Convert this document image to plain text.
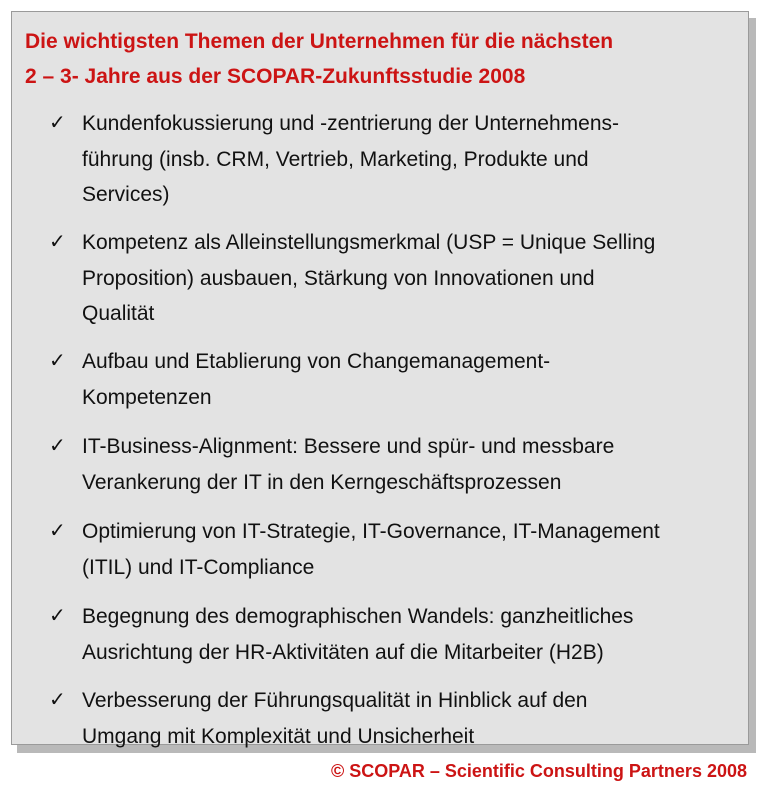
Die wichtigsten Themen der Unternehmen für die nächsten
2 – 3- Jahre aus der SCOPAR-Zukunftsstudie 2008
✓ Kundenfokussierung und -zentrierung der Unternehmens-
führung (insb. CRM, Vertrieb, Marketing, Produkte und
Services)

✓ Kompetenz als Alleinstellungsmerkmal (USP = Unique Selling
Proposition) ausbauen, Stärkung von Innovationen und
Qualität

✓ Aufbau und Etablierung von Changemanagement-
Kompetenzen

✓ IT-Business-Alignment: Bessere und spür- und messbare
Verankerung der IT in den Kerngeschäftsprozessen

✓ Optimierung von IT-Strategie, IT-Governance, IT-Management
(ITIL) und IT-Compliance

✓ Begegnung des demographischen Wandels: ganzheitliches
Ausrichtung der HR-Aktivitäten auf die Mitarbeiter (H2B)

✓ Verbesserung der Führungsqualität in Hinblick auf den
Umgang mit Komplexität und Unsicherheit

© SCOPAR – Scientific Consulting Partners 2008
